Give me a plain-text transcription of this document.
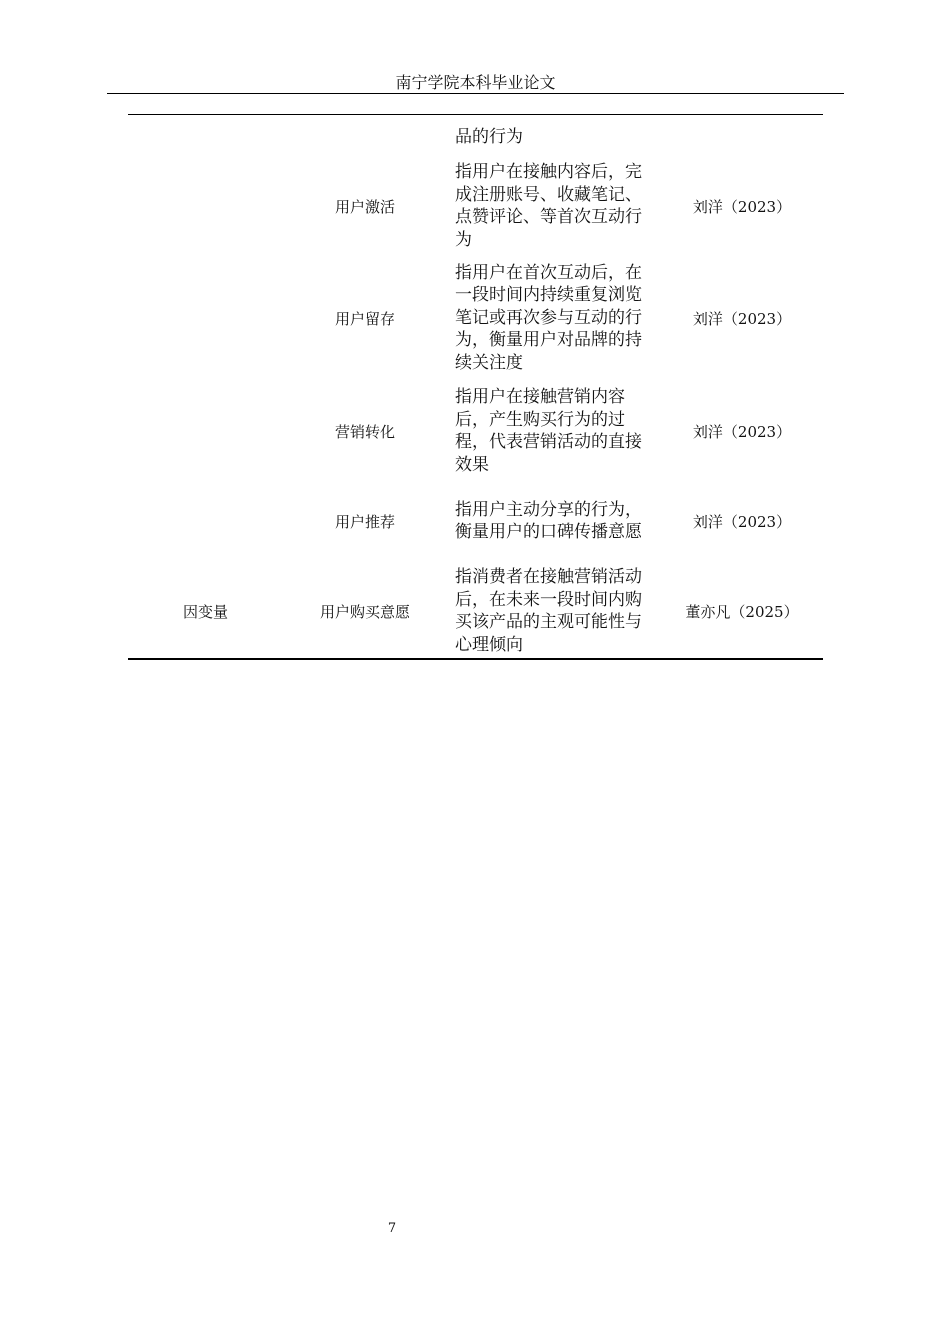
南宁学院本科毕业论文
品的行为
用户激活
指用户在接触内容后，完成注册账号、收藏笔记、点赞评论、等首次互动行为
刘洋（2023）
用户留存
指用户在首次互动后，在一段时间内持续重复浏览笔记或再次参与互动的行为，衡量用户对品牌的持续关注度
刘洋（2023）
营销转化
指用户在接触营销内容后，产生购买行为的过程，代表营销活动的直接效果
刘洋（2023）
用户推荐
指用户主动分享的行为，衡量用户的口碑传播意愿
刘洋（2023）
因变量	用户购买意愿
指消费者在接触营销活动后，在未来一段时间内购买该产品的主观可能性与心理倾向
董亦凡（2025）
7
